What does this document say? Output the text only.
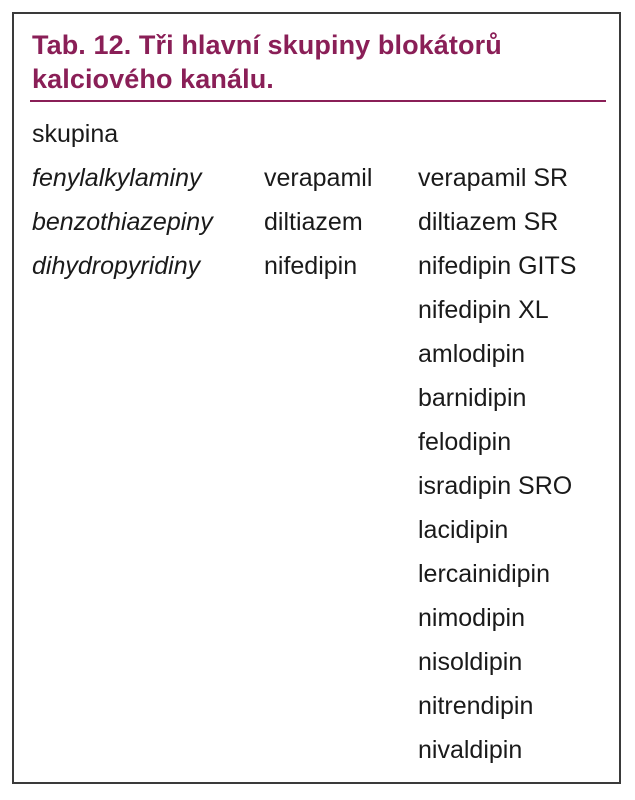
Tab. 12. Tři hlavní skupiny blokátorů
kalciového kanálu.
skupina
fenylalkylaminy
benzothiazepiny
dihydropyridiny
verapamil
diltiazem
nifedipin
verapamil SR
diltiazem SR
nifedipin GITS
nifedipin XL
amlodipin
barnidipin
felodipin
isradipin SRO
lacidipin
lercainidipin
nimodipin
nisoldipin
nitrendipin
nivaldipin
